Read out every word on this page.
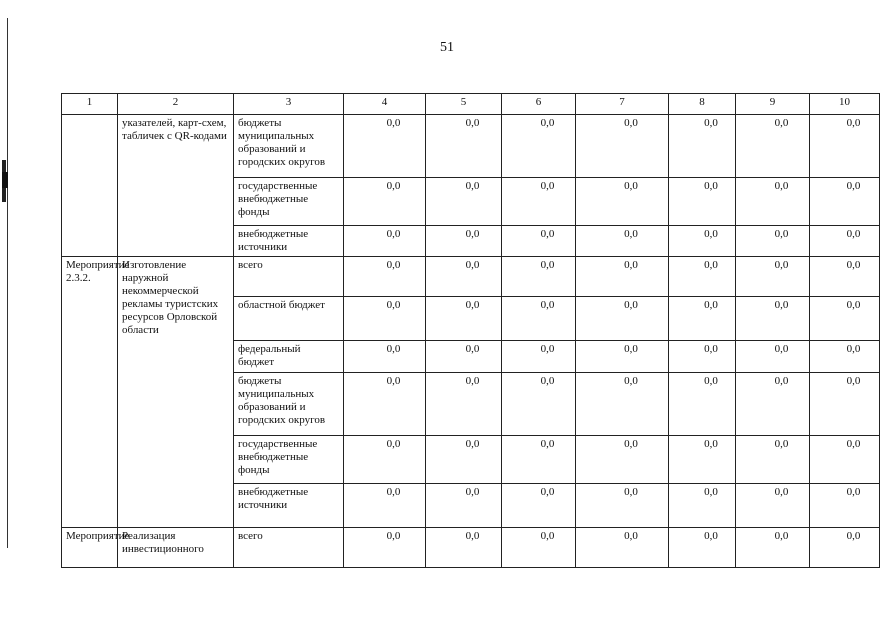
51
1	2	3	4	5	6	7	8	9	10
	указателей, карт-схем, табличек с QR-кодами	бюджеты муниципальных образований и городских округов	0,0	0,0	0,0	0,0	0,0	0,0	0,0
		государственные внебюджетные фонды	0,0	0,0	0,0	0,0	0,0	0,0	0,0
		внебюджетные источники	0,0	0,0	0,0	0,0	0,0	0,0	0,0
Мероприятие 2.3.2.	Изготовление наружной некоммерческой рекламы туристских ресурсов Орловской области	всего	0,0	0,0	0,0	0,0	0,0	0,0	0,0
		областной бюджет	0,0	0,0	0,0	0,0	0,0	0,0	0,0
		федеральный бюджет	0,0	0,0	0,0	0,0	0,0	0,0	0,0
		бюджеты муниципальных образований и городских округов	0,0	0,0	0,0	0,0	0,0	0,0	0,0
		государственные внебюджетные фонды	0,0	0,0	0,0	0,0	0,0	0,0	0,0
		внебюджетные источники	0,0	0,0	0,0	0,0	0,0	0,0	0,0
Мероприятие	Реализация инвестиционного	всего	0,0	0,0	0,0	0,0	0,0	0,0	0,0
